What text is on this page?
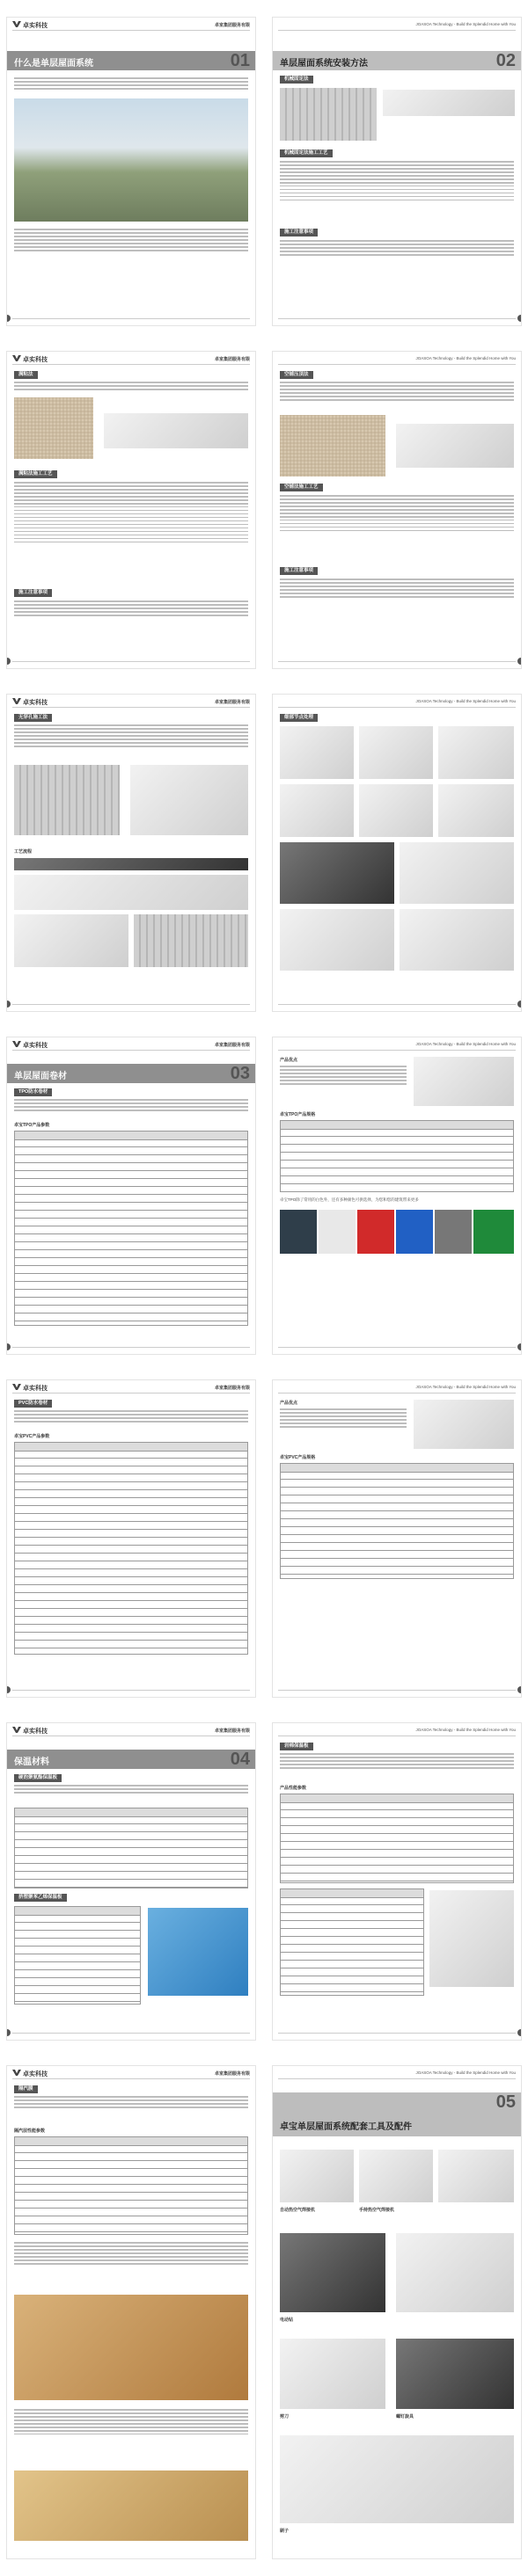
卓实科技	卓室集团服务有限
什么是单层屋面系统	01
JOASOA Technology - Build the Splendid Home with You
单层屋面系统安装方法	02
机械固定法
机械固定法施工工艺
施工注意事项
卓实科技	卓室集团服务有限
满粘法
满粘法施工工艺
施工注意事项
JOASOA Technology - Build the Splendid Home with You
空铺压顶法
空铺法施工工艺
施工注意事项
卓实科技	卓室集团服务有限
无穿孔施工法
工艺流程
JOASOA Technology - Build the Splendid Home with You
细部节点处理
卓实科技	卓室集团服务有限
单层屋面卷材	03
TPO防水卷材
卓宝TPO产品参数
JOASOA Technology - Build the Splendid Home with You
产品优点
卓宝TPO产品规格
卓宝TPO除了常用的白色外，还有多种颜色可供选择，为您和您的建筑带来更多
卓实科技	卓室集团服务有限
PVC防水卷材
卓宝PVC产品参数
JOASOA Technology - Build the Splendid Home with You
产品优点
卓宝PVC产品规格
卓实科技	卓室集团服务有限
保温材料	04
硬泡聚氨酯保温板
挤塑聚苯乙烯保温板
JOASOA Technology - Build the Splendid Home with You
岩棉保温板
产品性能参数
卓实科技	卓室集团服务有限
隔汽膜
隔汽层性能参数
JOASOA Technology - Build the Splendid Home with You
卓宝单层屋面系统配套工具及配件
05
自动热空气焊接机	手持热空气焊接机
电动钻
剪刀	螺钉旋具
刷子
